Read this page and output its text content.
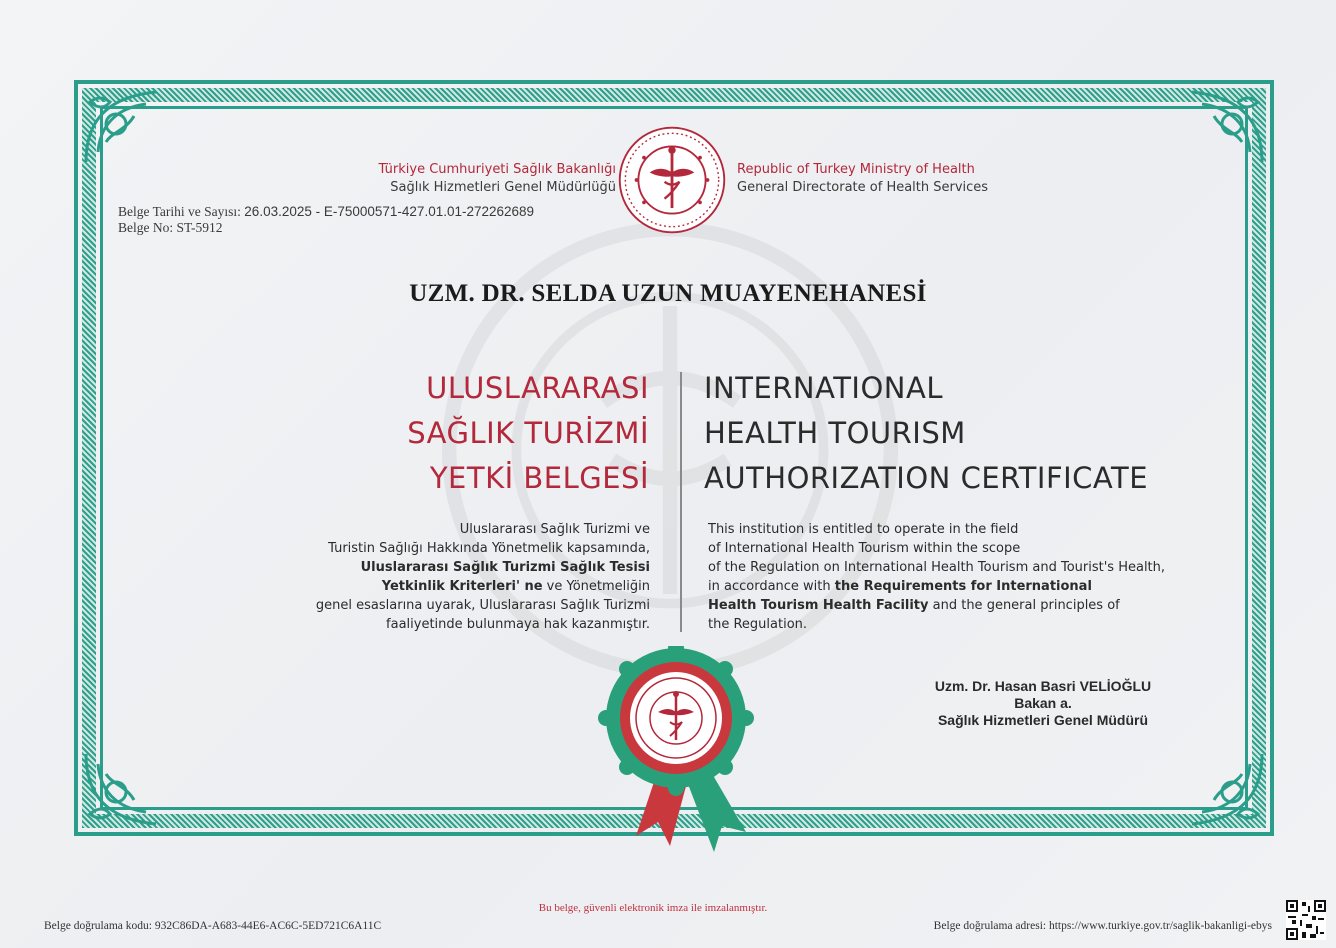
Türkiye Cumhuriyeti Sağlık Bakanlığı
Sağlık Hizmetleri Genel Müdürlüğü
Republic of Turkey Ministry of Health
General Directorate of Health Services
Belge Tarihi ve Sayısı: 26.03.2025 - E-75000571-427.01.01-272262689
Belge No: ST-5912
UZM. DR. SELDA UZUN MUAYENEHANESİ
ULUSLARARASI
SAĞLIK TURİZMİ
YETKİ BELGESİ
INTERNATIONAL
HEALTH TOURISM
AUTHORIZATION CERTIFICATE

Uluslararası Sağlık Turizmi ve

Turistin Sağlığı Hakkında Yönetmelik kapsamında,

Uluslararası Sağlık Turizmi Sağlık Tesisi

Yetkinlik Kriterleri' ne ve Yönetmeliğin

genel esaslarına uyarak, Uluslararası Sağlık Turizmi

faaliyetinde bulunmaya hak kazanmıştır.

This institution is entitled to operate in the field

of International Health Tourism within the scope

of the Regulation on International Health Tourism and Tourist's Health,

in accordance with the Requirements for International

Health Tourism Health Facility and the general principles of

the Regulation.

Uzm. Dr. Hasan Basri VELİOĞLU
Bakan a.
Sağlık Hizmetleri Genel Müdürü
Bu belge, güvenli elektronik imza ile imzalanmıştır.
Belge doğrulama kodu: 932C86DA-A683-44E6-AC6C-5ED721C6A11C	Belge doğrulama adresi: https://www.turkiye.gov.tr/saglik-bakanligi-ebys
